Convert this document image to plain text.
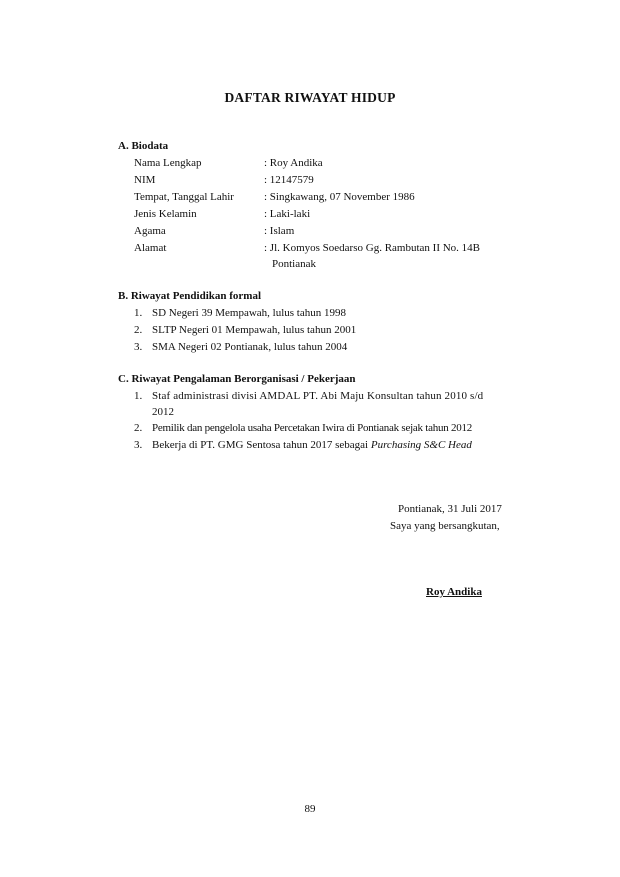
DAFTAR RIWAYAT HIDUP
A. Biodata
Nama Lengkap	: Roy Andika
NIM	: 12147579
Tempat, Tanggal Lahir	: Singkawang, 07 November 1986
Jenis Kelamin	: Laki-laki
Agama	: Islam
Alamat	: Jl. Komyos Soedarso Gg. Rambutan II No. 14B
Pontianak
B. Riwayat Pendidikan formal
1. SD Negeri 39 Mempawah, lulus tahun 1998
2. SLTP Negeri 01 Mempawah, lulus tahun 2001
3. SMA Negeri 02 Pontianak, lulus tahun 2004
C. Riwayat Pengalaman Berorganisasi / Pekerjaan
1. Staf administrasi divisi AMDAL PT. Abi Maju Konsultan tahun 2010 s/d
2012
2. Pemilik dan pengelola usaha Percetakan Iwira di Pontianak sejak tahun 2012
3. Bekerja di PT. GMG Sentosa tahun 2017 sebagai Purchasing S&C Head
Pontianak, 31 Juli 2017
Saya yang bersangkutan,
Roy Andika
89
